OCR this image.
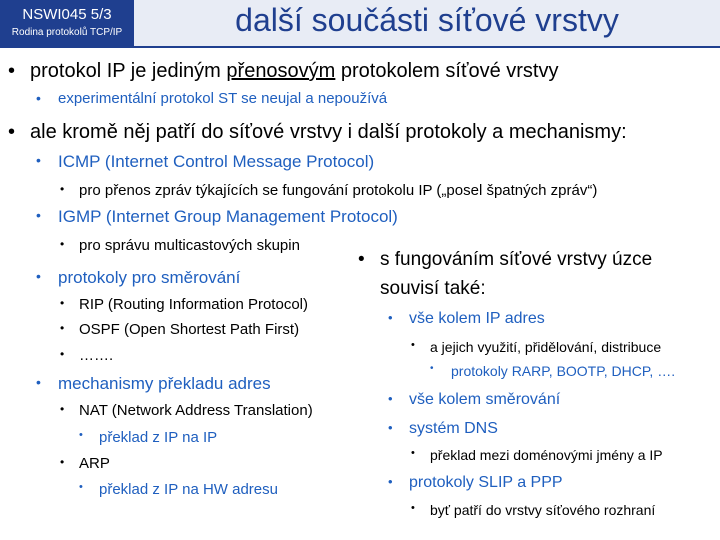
NSWI045 5/3
Rodina protokolů TCP/IP	další součásti síťové vrstvy
• protokol IP je jediným přenosovým protokolem síťové vrstvy
• experimentální protokol ST se neujal a nepoužívá
• ale kromě něj patří do síťové vrstvy i další protokoly a mechanismy:
• ICMP (Internet Control Message Protocol)
• pro přenos zpráv týkajících se fungování protokolu IP („posel špatných zpráv“)
• IGMP (Internet Group Management Protocol)
• pro správu multicastových skupin
• protokoly pro směrování
• RIP (Routing Information Protocol)
• OSPF (Open Shortest Path First)
• …….
• mechanismy překladu adres
• NAT (Network Address Translation)
• překlad z IP na IP
• ARP
• překlad z IP na HW adresu
• s fungováním síťové vrstvy úzce
souvisí také:
• vše kolem IP adres
• a jejich využití, přidělování, distribuce
• protokoly RARP, BOOTP, DHCP, ….
• vše kolem směrování
• systém DNS
• překlad mezi doménovými jmény a IP
• protokoly SLIP a PPP
• byť patří do vrstvy síťového rozhraní
